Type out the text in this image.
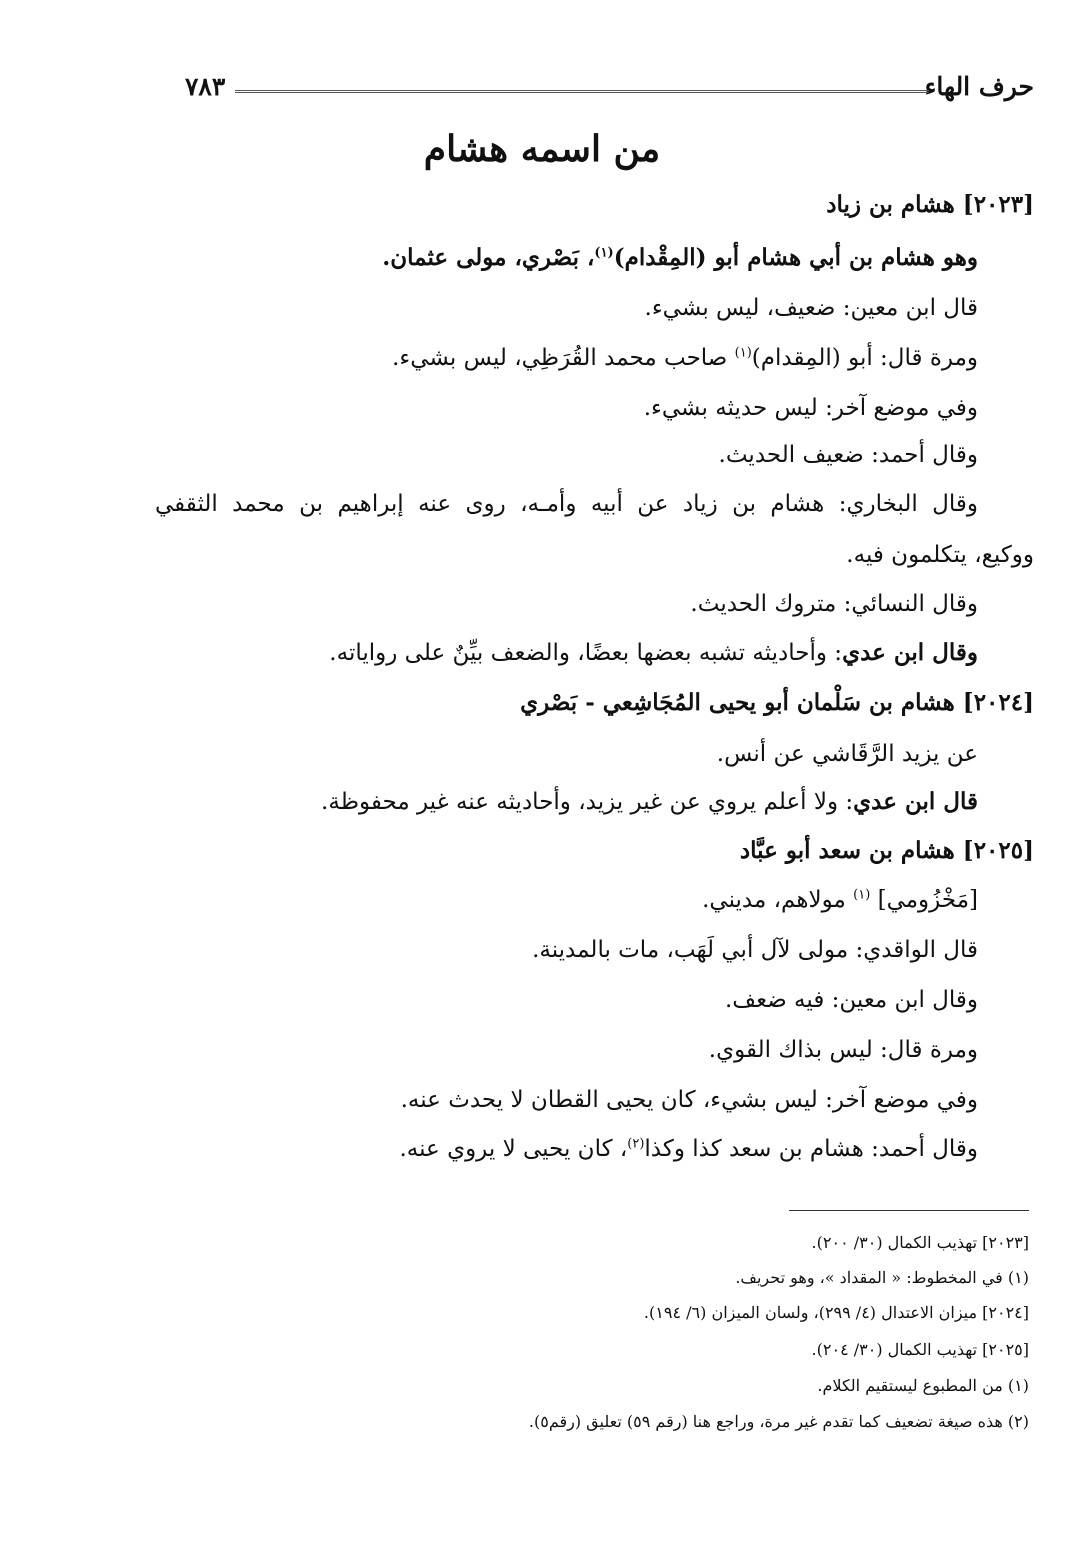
حرف الهاء
٧٨٣
من اسمه هشام
[٢٠٢٣] هشام بن زياد
وهو هشام بن أبي هشام أبو (المِقْدام)$^{(١)}$، بَصْري، مولى عثمان.
قال ابن معين: ضعيف، ليس بشيء.
ومرة قال: أبو (المِقدام)$^{(١)}$ صاحب محمد القُرَظِي، ليس بشيء.
وفي موضع آخر: ليس حديثه بشيء.
وقال أحمد: ضعيف الحديث.
وقال البخاري: هشام بن زياد عن أبيه وأمـه، روى عنه إبراهيم بن محمد الثقفي
ووكيع، يتكلمون فيه.
وقال النسائي: متروك الحديث.
وقال ابن عدي: وأحاديثه تشبه بعضها بعضًا، والضعف بيِّنٌ على رواياته.
[٢٠٢٤] هشام بن سَلْمان أبو يحيى المُجَاشِعي - بَصْري
عن يزيد الرَّقَاشي عن أنس.
قال ابن عدي: ولا أعلم يروي عن غير يزيد، وأحاديثه عنه غير محفوظة.
[٢٠٢٥] هشام بن سعد أبو عبَّاد
[مَخْزُومي] $^{(١)}$ مولاهم، مديني.
قال الواقدي: مولى لآل أبي لَهَب، مات بالمدينة.
وقال ابن معين: فيه ضعف.
ومرة قال: ليس بذاك القوي.
وفي موضع آخر: ليس بشيء، كان يحيى القطان لا يحدث عنه.
وقال أحمد: هشام بن سعد كذا وكذا$^{(٢)}$، كان يحيى لا يروي عنه.
[٢٠٢٣] تهذيب الكمال (٣٠/ ٢٠٠).
(١) في المخطوط: « المقداد »، وهو تحريف.
[٢٠٢٤] ميزان الاعتدال (٤/ ٢٩٩)، ولسان الميزان (٦/ ١٩٤).
[٢٠٢٥] تهذيب الكمال (٣٠/ ٢٠٤).
(١) من المطبوع ليستقيم الكلام.
(٢) هذه صيغة تضعيف كما تقدم غير مرة، وراجع هنا (رقم ٥٩) تعليق (رقم٥).
